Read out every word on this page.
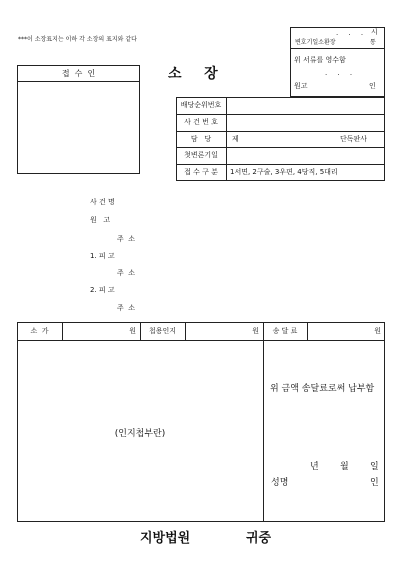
***이 소장표지는 이하 각 소장의 표지와 같다
. . . 시
변호기일소환장	통
위 서류를 영수함
. . .
원고	인
접  수  인	소   장
배당순위번호
사 건 번 호
담   당	제	단독판사
첫변론기일
접 수 구 분	1서면, 2구술, 3우편, 4당직, 5대리
사 건 명
원   고
주  소
1. 피 고
주  소
2. 피 고
주  소
소  가	원	첩용인지	원	송 달 료	원
(인지첩부란)
위 금액 송달료로써 납부함
년 월 일
성명	인
지방법원	귀중
